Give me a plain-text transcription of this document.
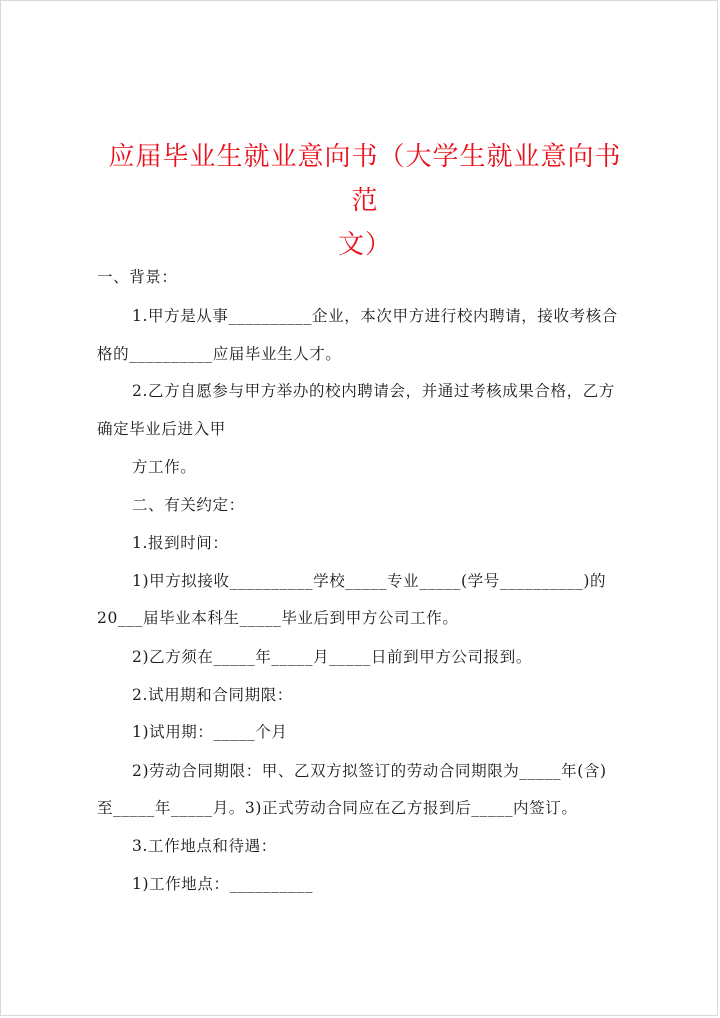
应届毕业生就业意向书（大学生就业意向书范
文）
一、背景：
1.甲方是从事__________企业，本次甲方进行校内聘请，接收考核合
格的__________应届毕业生人才。
2.乙方自愿参与甲方举办的校内聘请会，并通过考核成果合格，乙方
确定毕业后进入甲
方工作。
二、有关约定：
1.报到时间：
1)甲方拟接收__________学校_____专业_____(学号__________)的
20___届毕业本科生_____毕业后到甲方公司工作。
2)乙方须在_____年_____月_____日前到甲方公司报到。
2.试用期和合同期限：
1)试用期：_____个月
2)劳动合同期限：甲、乙双方拟签订的劳动合同期限为_____年(含)
至_____年_____月。3)正式劳动合同应在乙方报到后_____内签订。
3.工作地点和待遇：
1)工作地点：__________
